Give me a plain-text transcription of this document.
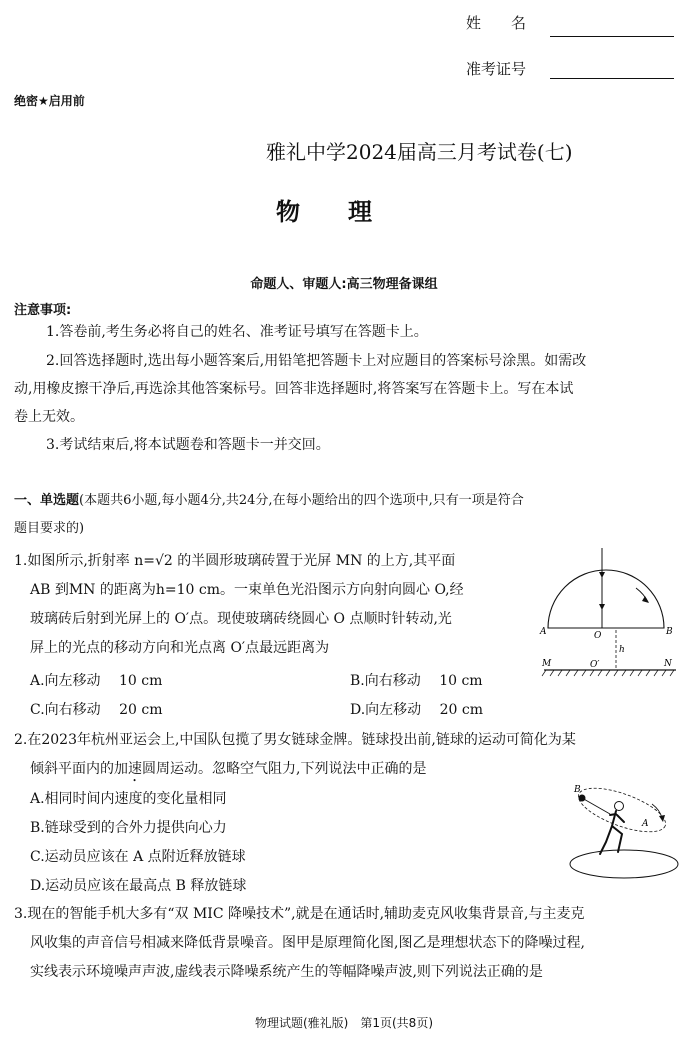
姓　　名
准考证号
绝密★启用前
雅礼中学2024届高三月考试卷(七)
物　　理
命题人、审题人:高三物理备课组
注意事项:
1.答卷前,考生务必将自己的姓名、准考证号填写在答题卡上。
2.回答选择题时,选出每小题答案后,用铅笔把答题卡上对应题目的答案标号涂黑。如需改
动,用橡皮擦干净后,再选涂其他答案标号。回答非选择题时,将答案写在答题卡上。写在本试
卷上无效。
3.考试结束后,将本试题卷和答题卡一并交回。
一、单选题(本题共6小题,每小题4分,共24分,在每小题给出的四个选项中,只有一项是符合
题目要求的)
1.如图所示,折射率 n=√2 的半圆形玻璃砖置于光屏 MN 的上方,其平面
AB 到MN 的距离为h=10 cm。一束单色光沿图示方向射向圆心 O,经
玻璃砖后射到光屏上的 O′点。现使玻璃砖绕圆心 O 点顺时针转动,光
屏上的光点的移动方向和光点离 O′点最远距离为
A.向左移动　 10 cm	B.向右移动　 10 cm
C.向右移动　 20 cm	D.向左移动　 20 cm
A	B
O
h
O′
M	N
2.在2023年杭州亚运会上,中国队包揽了男女链球金牌。链球投出前,链球的运动可简化为某
倾斜平面内的加速圆周运动。忽略空气阻力,下列说法中正确的是
A.相同时间内速度的变化量相同
B.链球受到的合外力提供向心力
C.运动员应该在 A 点附近释放链球
D.运动员应该在最高点 B 释放链球
B
A
3.现在的智能手机大多有“双 MIC 降噪技术”,就是在通话时,辅助麦克风收集背景音,与主麦克
风收集的声音信号相减来降低背景噪音。图甲是原理简化图,图乙是理想状态下的降噪过程,
实线表示环境噪声声波,虚线表示降噪系统产生的等幅降噪声波,则下列说法正确的是
物理试题(雅礼版)　第1页(共8页)
